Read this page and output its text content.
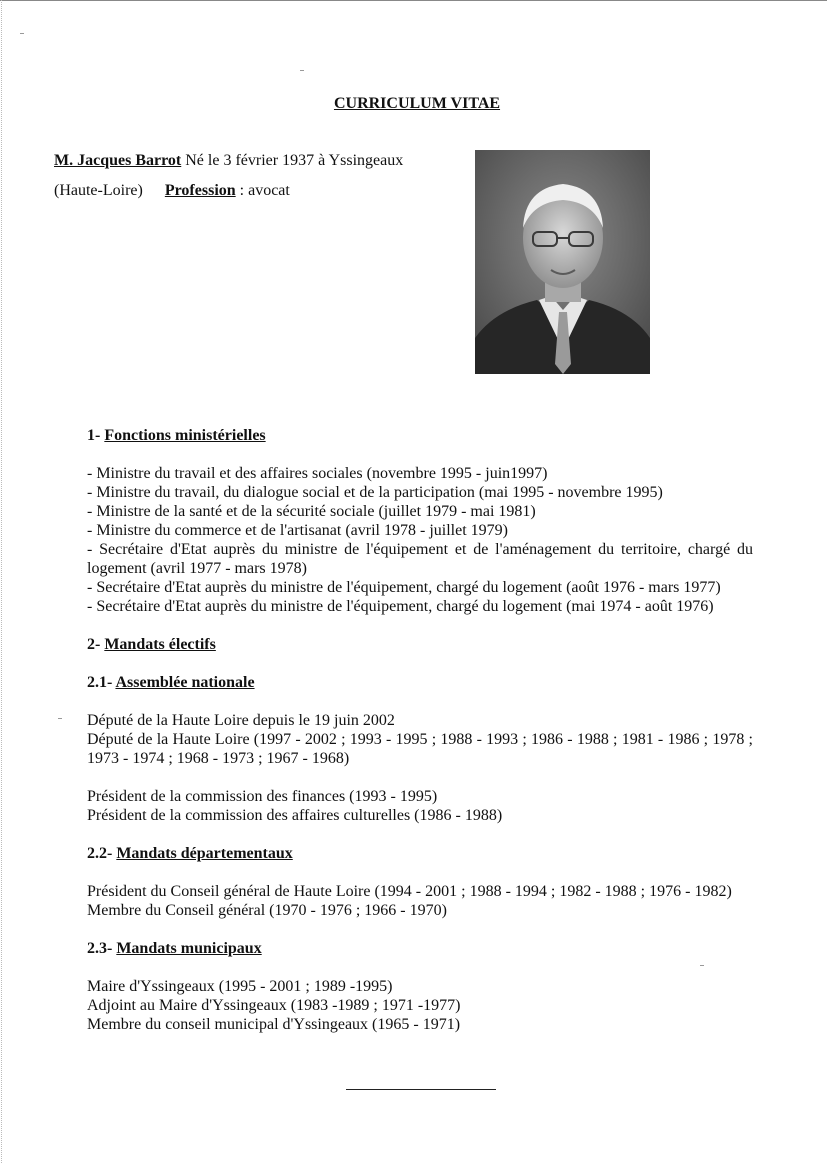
CURRICULUM VITAE
M. Jacques Barrot Né le 3 février 1937 à Yssingeaux
(Haute-Loire) Profession : avocat

1- Fonctions ministérielles

- Ministre du travail et des affaires sociales (novembre 1995 - juin1997)

- Ministre du travail, du dialogue social et de la participation (mai 1995 - novembre 1995)

- Ministre de la santé et de la sécurité sociale (juillet 1979 - mai 1981)

- Ministre du commerce et de l'artisanat (avril 1978 - juillet 1979)

- Secrétaire d'Etat auprès du ministre de l'équipement et de l'aménagement du territoire, chargé du logement (avril 1977 - mars 1978)

- Secrétaire d'Etat auprès du ministre de l'équipement, chargé du logement (août 1976 - mars 1977)

- Secrétaire d'Etat auprès du ministre de l'équipement, chargé du logement (mai 1974 - août 1976)

2- Mandats électifs

2.1- Assemblée nationale

Député de la Haute Loire depuis le 19 juin 2002

Député de la Haute Loire (1997 - 2002 ; 1993 - 1995 ; 1988 - 1993 ; 1986 - 1988 ; 1981 - 1986 ; 1978 ; 1973 - 1974 ; 1968 - 1973 ; 1967 - 1968)

Président de la commission des finances (1993 - 1995)

Président de la commission des affaires culturelles (1986 - 1988)

2.2- Mandats départementaux

Président du Conseil général de Haute Loire (1994 - 2001 ; 1988 - 1994 ; 1982 - 1988 ; 1976 - 1982)

Membre du Conseil général (1970 - 1976 ; 1966 - 1970)

2.3- Mandats municipaux

Maire d'Yssingeaux (1995 - 2001 ; 1989 -1995)

Adjoint au Maire d'Yssingeaux (1983 -1989 ; 1971 -1977)

Membre du conseil municipal d'Yssingeaux (1965 - 1971)
